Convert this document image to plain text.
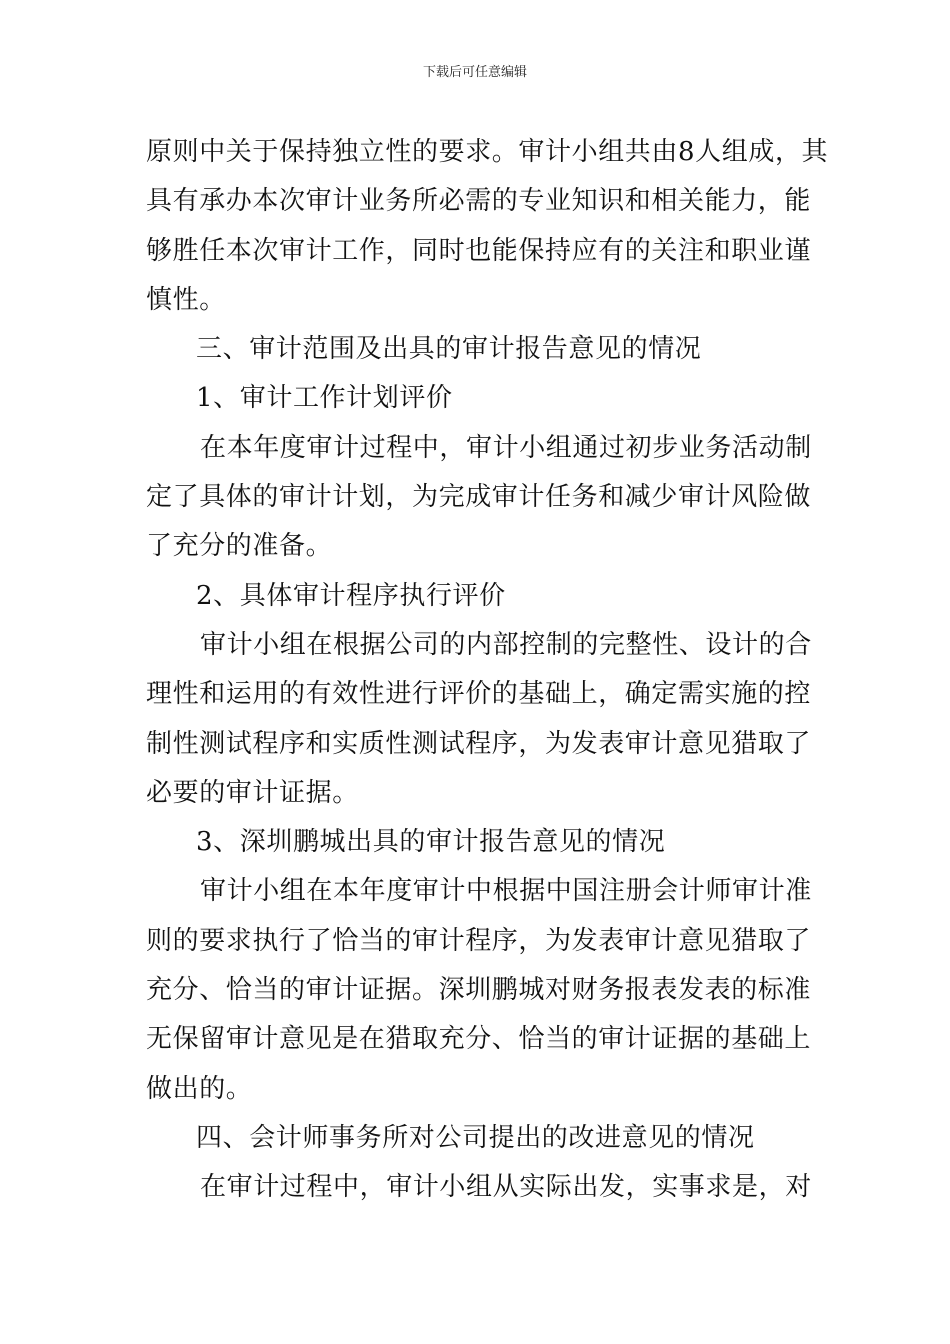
下载后可任意编辑
原则中关于保持独立性的要求。审计小组共由8人组成，其
具有承办本次审计业务所必需的专业知识和相关能力，能
够胜任本次审计工作，同时也能保持应有的关注和职业谨
慎性。
三、审计范围及出具的审计报告意见的情况
1、审计工作计划评价
在本年度审计过程中，审计小组通过初步业务活动制
定了具体的审计计划，为完成审计任务和减少审计风险做
了充分的准备。
2、具体审计程序执行评价
审计小组在根据公司的内部控制的完整性、设计的合
理性和运用的有效性进行评价的基础上，确定需实施的控
制性测试程序和实质性测试程序，为发表审计意见猎取了
必要的审计证据。
3、深圳鹏城出具的审计报告意见的情况
审计小组在本年度审计中根据中国注册会计师审计准
则的要求执行了恰当的审计程序，为发表审计意见猎取了
充分、恰当的审计证据。深圳鹏城对财务报表发表的标准
无保留审计意见是在猎取充分、恰当的审计证据的基础上
做出的。
四、会计师事务所对公司提出的改进意见的情况
在审计过程中，审计小组从实际出发，实事求是，对
